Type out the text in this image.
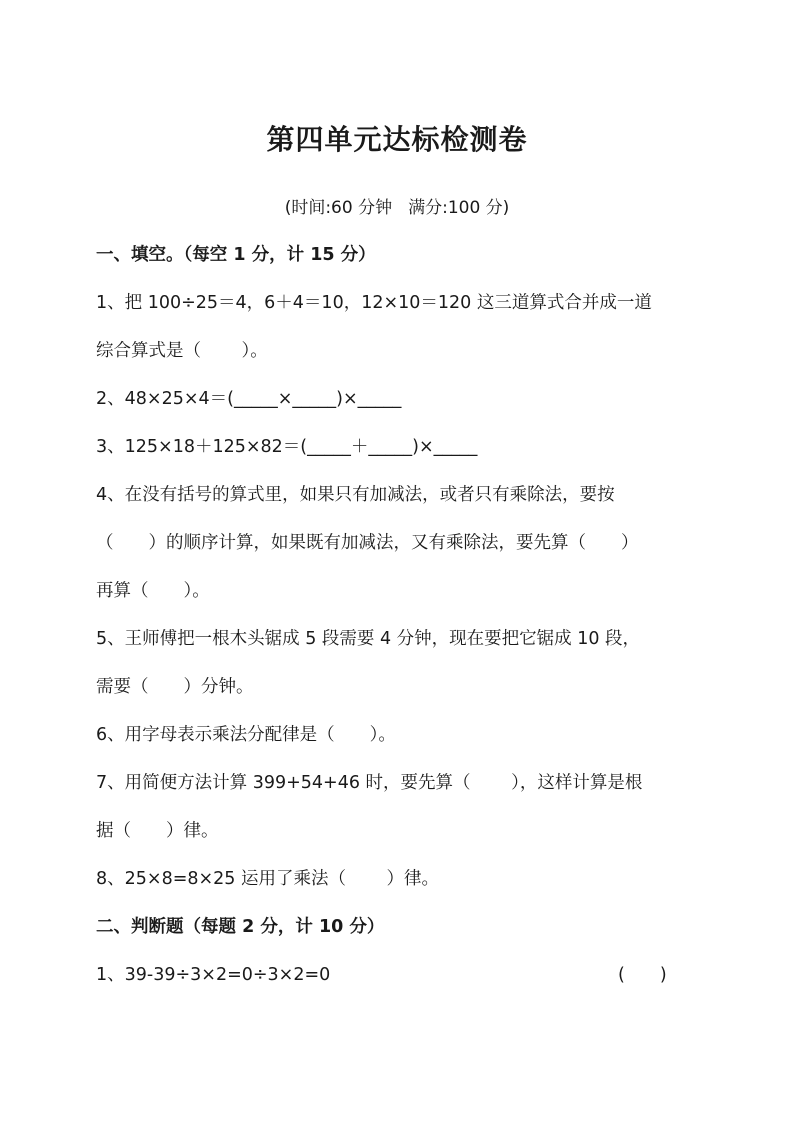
第四单元达标检测卷
(时间:60 分钟 满分:100 分)
一、填空。（每空 1 分，计 15 分）
1、把 100÷25＝4，6＋4＝10，12×10＝120 这三道算式合并成一道
综合算式是（　　 ）。
2、48×25×4＝(_____×_____)×_____
3、125×18＋125×82＝(_____＋_____)×_____
4、在没有括号的算式里，如果只有加减法，或者只有乘除法，要按
（　　）的顺序计算，如果既有加减法，又有乘除法，要先算（　　）
再算（　　）。
5、王师傅把一根木头锯成 5 段需要 4 分钟，现在要把它锯成 10 段，
需要（　　）分钟。
6、用字母表示乘法分配律是（　　）。
7、用简便方法计算 399+54+46 时，要先算（　　 ），这样计算是根
据（　　）律。
8、25×8=8×25 运用了乘法（　　 ）律。
二、判断题（每题 2 分，计 10 分）
1、39-39÷3×2=0÷3×2=0	(　　)
